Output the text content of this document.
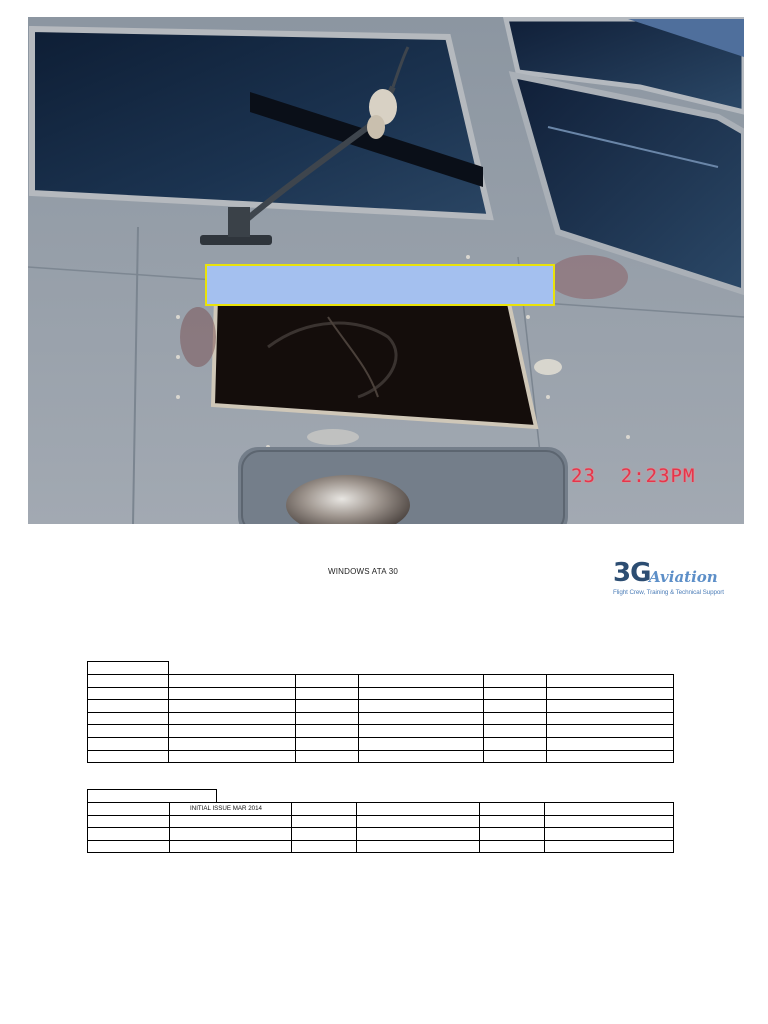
23 2:23PM
WINDOWS ATA 30	3G
Aviation
Flight Crew, Training & Technical Support

	INITIAL ISSUE MAR 2014				
